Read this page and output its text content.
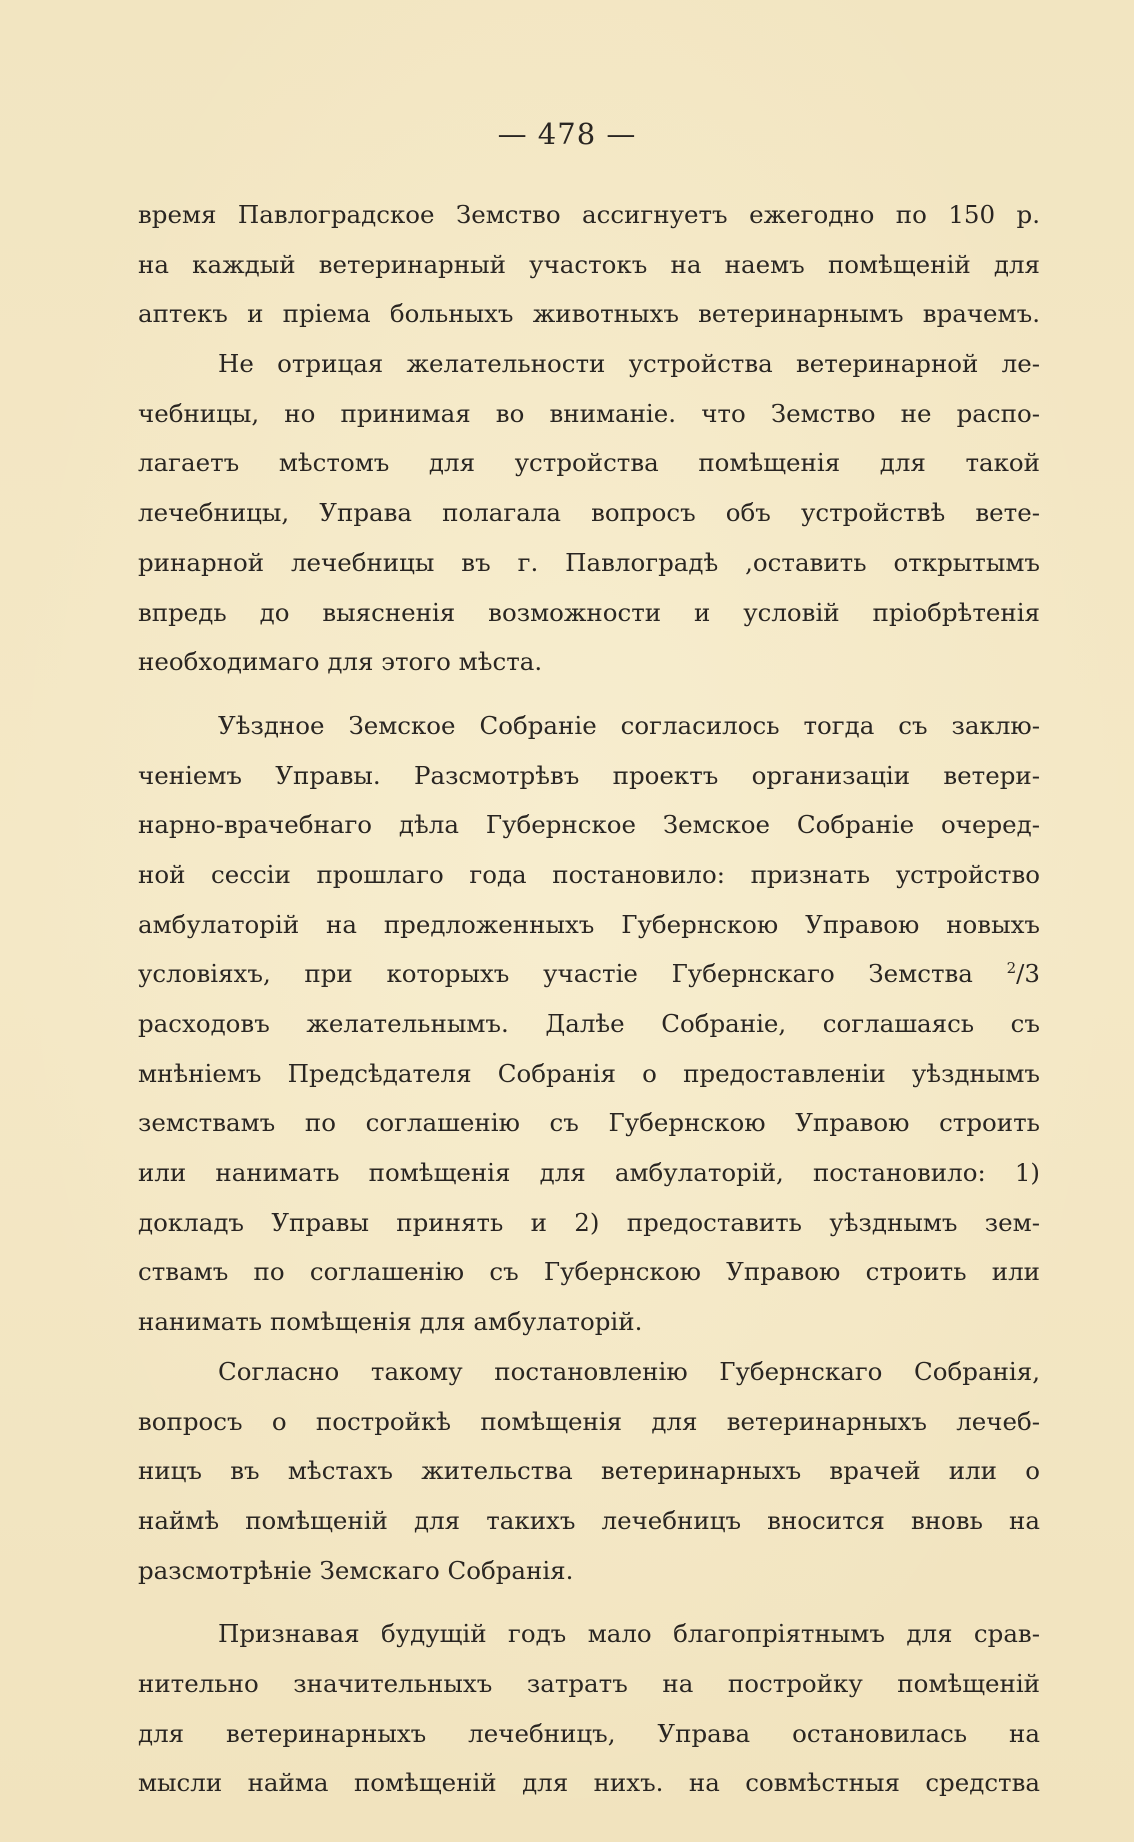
— 478 —
время Павлоградское Земство ассигнуетъ ежегодно по 150 р.
на каждый ветеринарный участокъ на наемъ помѣщеній для
аптекъ и пріема больныхъ животныхъ ветеринарнымъ врачемъ.
Не отрицая желательности устройства ветеринарной ле-
чебницы, но принимая во вниманіе. что Земство не распо-
лагаетъ мѣстомъ для устройства помѣщенія для такой
лечебницы, Управа полагала вопросъ объ устройствѣ вете-
ринарной лечебницы въ г. Павлоградѣ ,оставить открытымъ
впредь до выясненія возможности и условій пріобрѣтенія
необходимаго для этого мѣста.
Уѣздное Земское Собраніе согласилось тогда съ заклю-
ченіемъ Управы. Разсмотрѣвъ проектъ организаціи ветери-
нарно-врачебнаго дѣла Губернское Земское Собраніе очеред-
ной сессіи прошлаго года постановило: признать устройство
амбулаторій на предложенныхъ Губернскою Управою новыхъ
условіяхъ, при которыхъ участіе Губернскаго Земства $^2$/3
расходовъ желательнымъ. Далѣе Собраніе, соглашаясь съ
мнѣніемъ Предсѣдателя Собранія о предоставленіи уѣзднымъ
земствамъ по соглашенію съ Губернскою Управою строить
или нанимать помѣщенія для амбулаторій, постановило: 1)
докладъ Управы принять и 2) предоставить уѣзднымъ зем-
ствамъ по соглашенію съ Губернскою Управою строить или
нанимать помѣщенія для амбулаторій.
Согласно такому постановленію Губернскаго Собранія,
вопросъ о постройкѣ помѣщенія для ветеринарныхъ лечеб-
ницъ въ мѣстахъ жительства ветеринарныхъ врачей или о
наймѣ помѣщеній для такихъ лечебницъ вносится вновь на
разсмотрѣніе Земскаго Собранія.
Признавая будущій годъ мало благопріятнымъ для срав-
нительно значительныхъ затратъ на постройку помѣщеній
для ветеринарныхъ лечебницъ, Управа остановилась на
мысли найма помѣщеній для нихъ. на совмѣстныя средства
